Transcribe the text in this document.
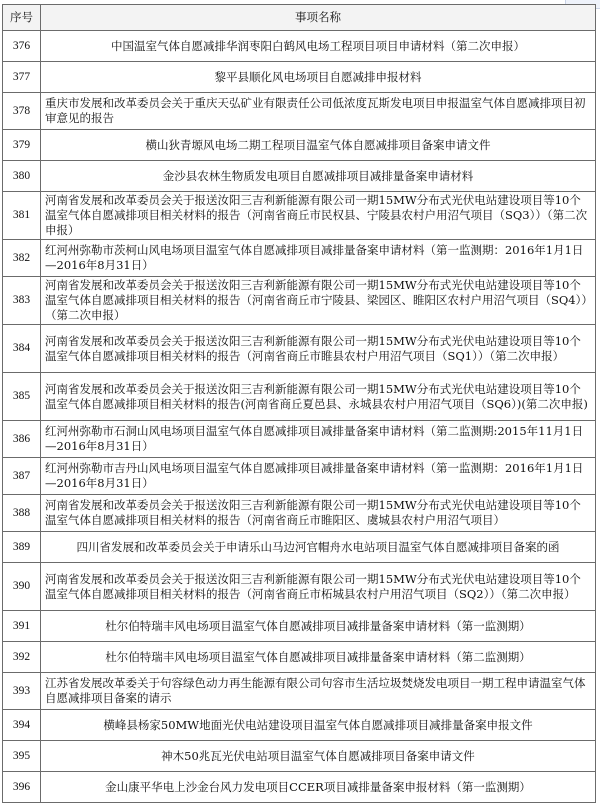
序号	事项名称
376	中国温室气体自愿减排华润枣阳白鹤风电场工程项目项目申请材料（第二次申报）
377	黎平县顺化风电场项目自愿减排申报材料
378	重庆市发展和改革委员会关于重庆天弘矿业有限责任公司低浓度瓦斯发电项目申报温室气体自愿减排项目初审意见的报告
379	横山狄青塬风电场二期工程项目温室气体自愿减排项目备案申请文件
380	金沙县农林生物质发电项目自愿减排项目减排量备案申请材料
381	河南省发展和改革委员会关于报送汝阳三吉利新能源有限公司一期15MW分布式光伏电站建设项目等10个温室气体自愿减排项目相关材料的报告（河南省商丘市民权县、宁陵县农村户用沼气项目（SQ3））（第二次申报）
382	红河州弥勒市茨柯山风电场项目温室气体自愿减排项目减排量备案申请材料（第一监测期：2016年1月1日—2016年8月31日）
383	河南省发展和改革委员会关于报送汝阳三吉利新能源有限公司一期15MW分布式光伏电站建设项目等10个温室气体自愿减排项目相关材料的报告（河南省商丘市宁陵县、梁园区、睢阳区农村户用沼气项目（SQ4））（第二次申报）
384	河南省发展和改革委员会关于报送汝阳三吉利新能源有限公司一期15MW分布式光伏电站建设项目等10个温室气体自愿减排项目相关材料的报告（河南省商丘市睢县农村户用沼气项目（SQ1））（第二次申报）
385	河南省发展和改革委员会关于报送汝阳三吉利新能源有限公司一期15MW分布式光伏电站建设项目等10个温室气体自愿减排项目相关材料的报告(河南省商丘夏邑县、永城县农村户用沼气项目（SQ6）)(第二次申报)
386	红河州弥勒市石洞山风电场项目温室气体自愿减排项目减排量备案申请材料（第二监测期:2015年11月1日—2016年8月31日）
387	红河州弥勒市吉丹山风电场项目温室气体自愿减排项目减排量备案申请材料（第一监测期：2016年1月1日—2016年8月31日）
388	河南省发展和改革委员会关于报送汝阳三吉利新能源有限公司一期15MW分布式光伏电站建设项目等10个温室气体自愿减排项目相关材料的报告（河南省商丘市睢阳区、虞城县农村户用沼气项目）
389	四川省发展和改革委员会关于申请乐山马边河官帽舟水电站项目温室气体自愿减排项目备案的函
390	河南省发展和改革委员会关于报送汝阳三吉利新能源有限公司一期15MW分布式光伏电站建设项目等10个温室气体自愿减排项目相关材料的报告（河南省商丘市柘城县农村户用沼气项目（SQ2））（第二次申报）
391	杜尔伯特瑞丰风电场项目温室气体自愿减排项目减排量备案申请材料（第一监测期）
392	杜尔伯特瑞丰风电场项目温室气体自愿减排项目减排量备案申请材料（第二监测期）
393	江苏省发展改革委关于句容绿色动力再生能源有限公司句容市生活垃圾焚烧发电项目一期工程申请温室气体自愿减排项目备案的请示
394	横峰县杨家50MW地面光伏电站建设项目温室气体自愿减排项目减排量备案申报文件
395	神木50兆瓦光伏电站项目温室气体自愿减排项目备案申请文件
396	金山康平华电上沙金台风力发电项目CCER项目减排量备案申报材料（第一监测期）
